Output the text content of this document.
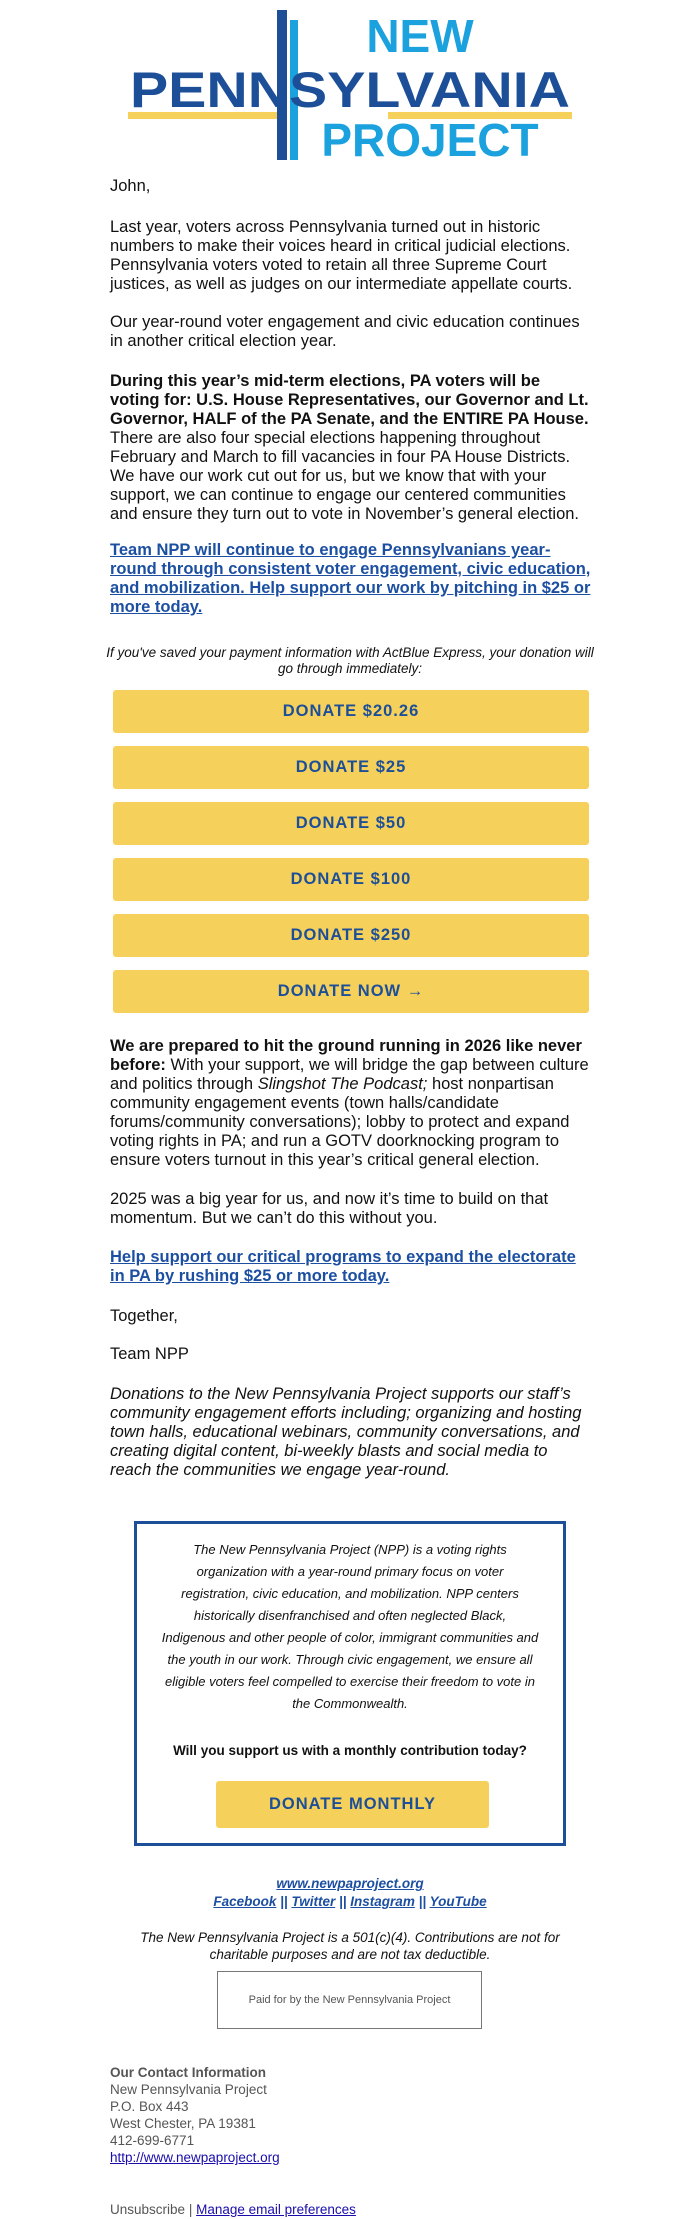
NEW
PENNSYLVANIA
PROJECT

John,

Last year, voters across Pennsylvania turned out in historic numbers to make their voices heard in critical judicial elections. Pennsylvania voters voted to retain all three Supreme Court justices, as well as judges on our intermediate appellate courts.

Our year-round voter engagement and civic education continues in another critical election year.

During this year’s mid-term elections, PA voters will be voting for: U.S. House Representatives, our Governor and Lt. Governor, HALF of the PA Senate, and the ENTIRE PA House. There are also four special elections happening throughout February and March to fill vacancies in four PA House Districts. We have our work cut out for us, but we know that with your support, we can continue to engage our centered communities and ensure they turn out to vote in November’s general election.

Team NPP will continue to engage Pennsylvanians year-round through consistent voter engagement, civic education, and mobilization. Help support our work by pitching in $25 or more today.
If you've saved your payment information with ActBlue Express, your donation will go through immediately:
DONATE $20.26
DONATE $25
DONATE $50
DONATE $100
DONATE $250
DONATE NOW →

We are prepared to hit the ground running in 2026 like never before: With your support, we will bridge the gap between culture and politics through Slingshot The Podcast; host nonpartisan community engagement events (town halls/candidate forums/community conversations); lobby to protect and expand voting rights in PA; and run a GOTV doorknocking program to ensure voters turnout in this year’s critical general election.

2025 was a big year for us, and now it’s time to build on that momentum. But we can’t do this without you.

Help support our critical programs to expand the electorate in PA by rushing $25 or more today.

Together,

Team NPP

Donations to the New Pennsylvania Project supports our staff’s community engagement efforts including; organizing and hosting town halls, educational webinars, community conversations, and creating digital content, bi-weekly blasts and social media to reach the communities we engage year-round.

The New Pennsylvania Project (NPP) is a voting rights organization with a year-round primary focus on voter registration, civic education, and mobilization. NPP centers historically disenfranchised and often neglected Black, Indigenous and other people of color, immigrant communities and the youth in our work. Through civic engagement, we ensure all eligible voters feel compelled to exercise their freedom to vote in the Commonwealth.
Will you support us with a monthly contribution today?
DONATE MONTHLY
www.newpaproject.org
Facebook || Twitter || Instagram || YouTube
The New Pennsylvania Project is a 501(c)(4). Contributions are not for charitable purposes and are not tax deductible.
Paid for by the New Pennsylvania Project
Our Contact Information
New Pennsylvania Project
P.O. Box 443
West Chester, PA 19381
412-699-6771
http://www.newpaproject.org
Unsubscribe | Manage email preferences
